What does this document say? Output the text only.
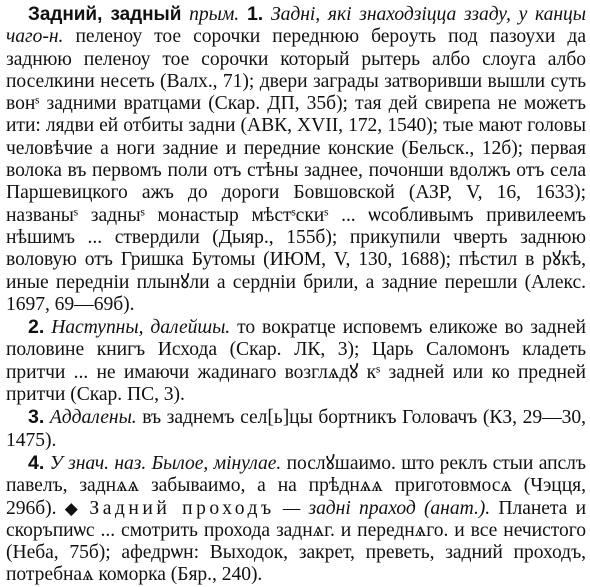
Задний, задный прым. 1. Задні, які знаходзіцца ззаду, у канцы чаго-н. пеленоу тое сорочки переднюю берoуть под пазоухи да заднюю пеленоу тое сорочки который рытерь албо слоуга албо поселкини несеть (Валх., 71); двери заграды затворивши вышли суть вонˢ задними вратцами (Скар. ДП, 35б); тая дей свирепа не можетъ ити: лядви ей отбиты задни (АВК, XVII, 172, 1540); тые мают головы человѣчие а ноги задние и передние конские (Бельск., 12б); первая волока въ первомъ поли отъ стѣны заднее, почонши вдолжъ отъ села Паршевицкого ажъ до дороги Бовшовской (АЗР, V, 16, 1633); названыˢ задныˢ монастыр мѣстˢскиˢ ... ѡсобливымъ привилеемъ нѣшимъ ... ствердили (Дыяр., 155б); прикупили чверть заднюю воловую отъ Гришка Бутомы (ИЮМ, V, 130, 1688); пѣстил в рꙋкѣ, иные передніи плынꙋли а серднiи брили, а задниe перешли (Алекс. 1697, 69—69б).

2. Наступны, далейшы. то вократце исповемъ еликоже во задней половине книгъ Исхода (Скар. ЛК, 3); Царь Саломонъ кладеть притчи ... не имаючи жадинаго возглѧдꙋ кˢ задней или ко предней притчи (Скар. ПС, 3).

3. Аддалены. въ заднемъ сел[ь]цы бортникъ Головачъ (КЗ, 29—30, 1475).

4. У знач. наз. Былое, мінулае. послꙋшаимо. што реклъ стыи апслъ павелъ, заднѧѧ забываимо, а на прѣднѧѧ приготовмосѧ (Чэцця, 296б). ◆ Задний проходъ — задні праход (анат.). Планета и скоръпиѡс ... смотрить прохода заднѧг. и переднѧго. и все нечистого (Неба, 75б); афедрѡн: Выходок, закрет, преветь, задний проходъ, потребнаѧ коморка (Бяр., 240).
